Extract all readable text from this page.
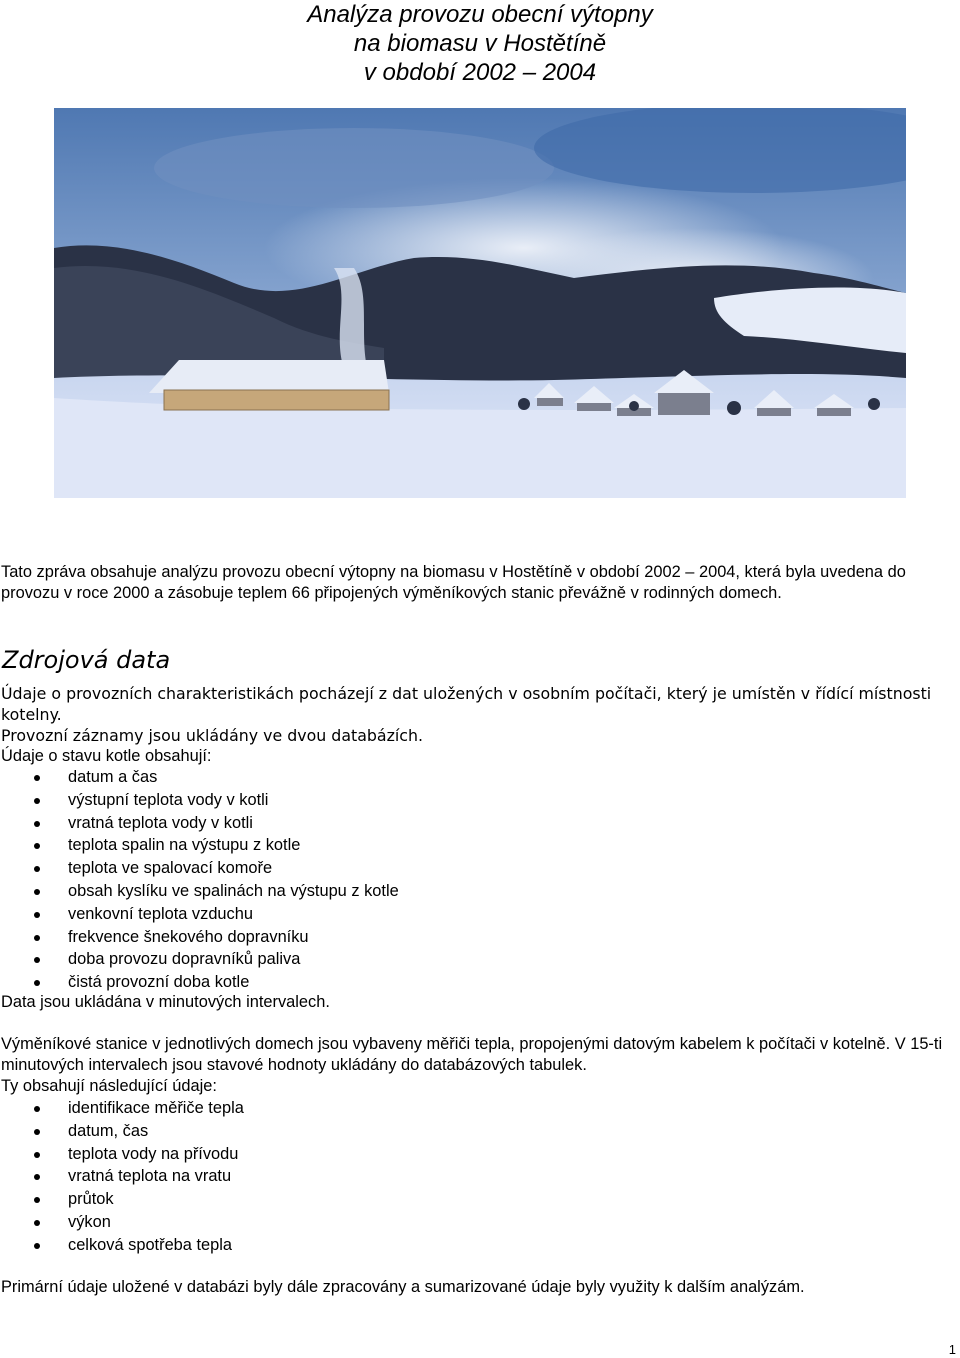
Analýza provozu obecní výtopny
na biomasu v Hostětíně
v období 2002 – 2004

Tato zpráva obsahuje analýzu provozu obecní výtopny na biomasu v Hostětíně v období 2002 – 2004, která byla uvedena do provozu v roce 2000 a zásobuje teplem 66 připojených výměníkových stanic převážně v rodinných domech.

Zdrojová data

Údaje o provozních charakteristikách pocházejí z dat uložených v osobním počítači, který je umístěn v řídící místnosti kotelny.

Provozní záznamy jsou ukládány ve dvou databázích.

Údaje o stavu kotle obsahují:

datum a čas
výstupní teplota vody v kotli
vratná teplota vody v kotli
teplota spalin na výstupu z kotle
teplota ve spalovací komoře
obsah kyslíku ve spalinách na výstupu z kotle
venkovní teplota vzduchu
frekvence šnekového dopravníku
doba provozu dopravníků paliva
čistá provozní doba kotle

Data jsou ukládána v minutových intervalech.

Výměníkové stanice v jednotlivých domech jsou vybaveny měřiči tepla, propojenými datovým kabelem k počítači v kotelně. V 15-ti minutových intervalech jsou stavové hodnoty ukládány do databázových tabulek.

Ty obsahují následující údaje:

identifikace měřiče tepla
datum, čas
teplota vody na přívodu
vratná teplota na vratu
průtok
výkon
celková spotřeba tepla

Primární údaje uložené v databázi byly dále zpracovány a sumarizované údaje byly využity k dalším analýzám.

1
